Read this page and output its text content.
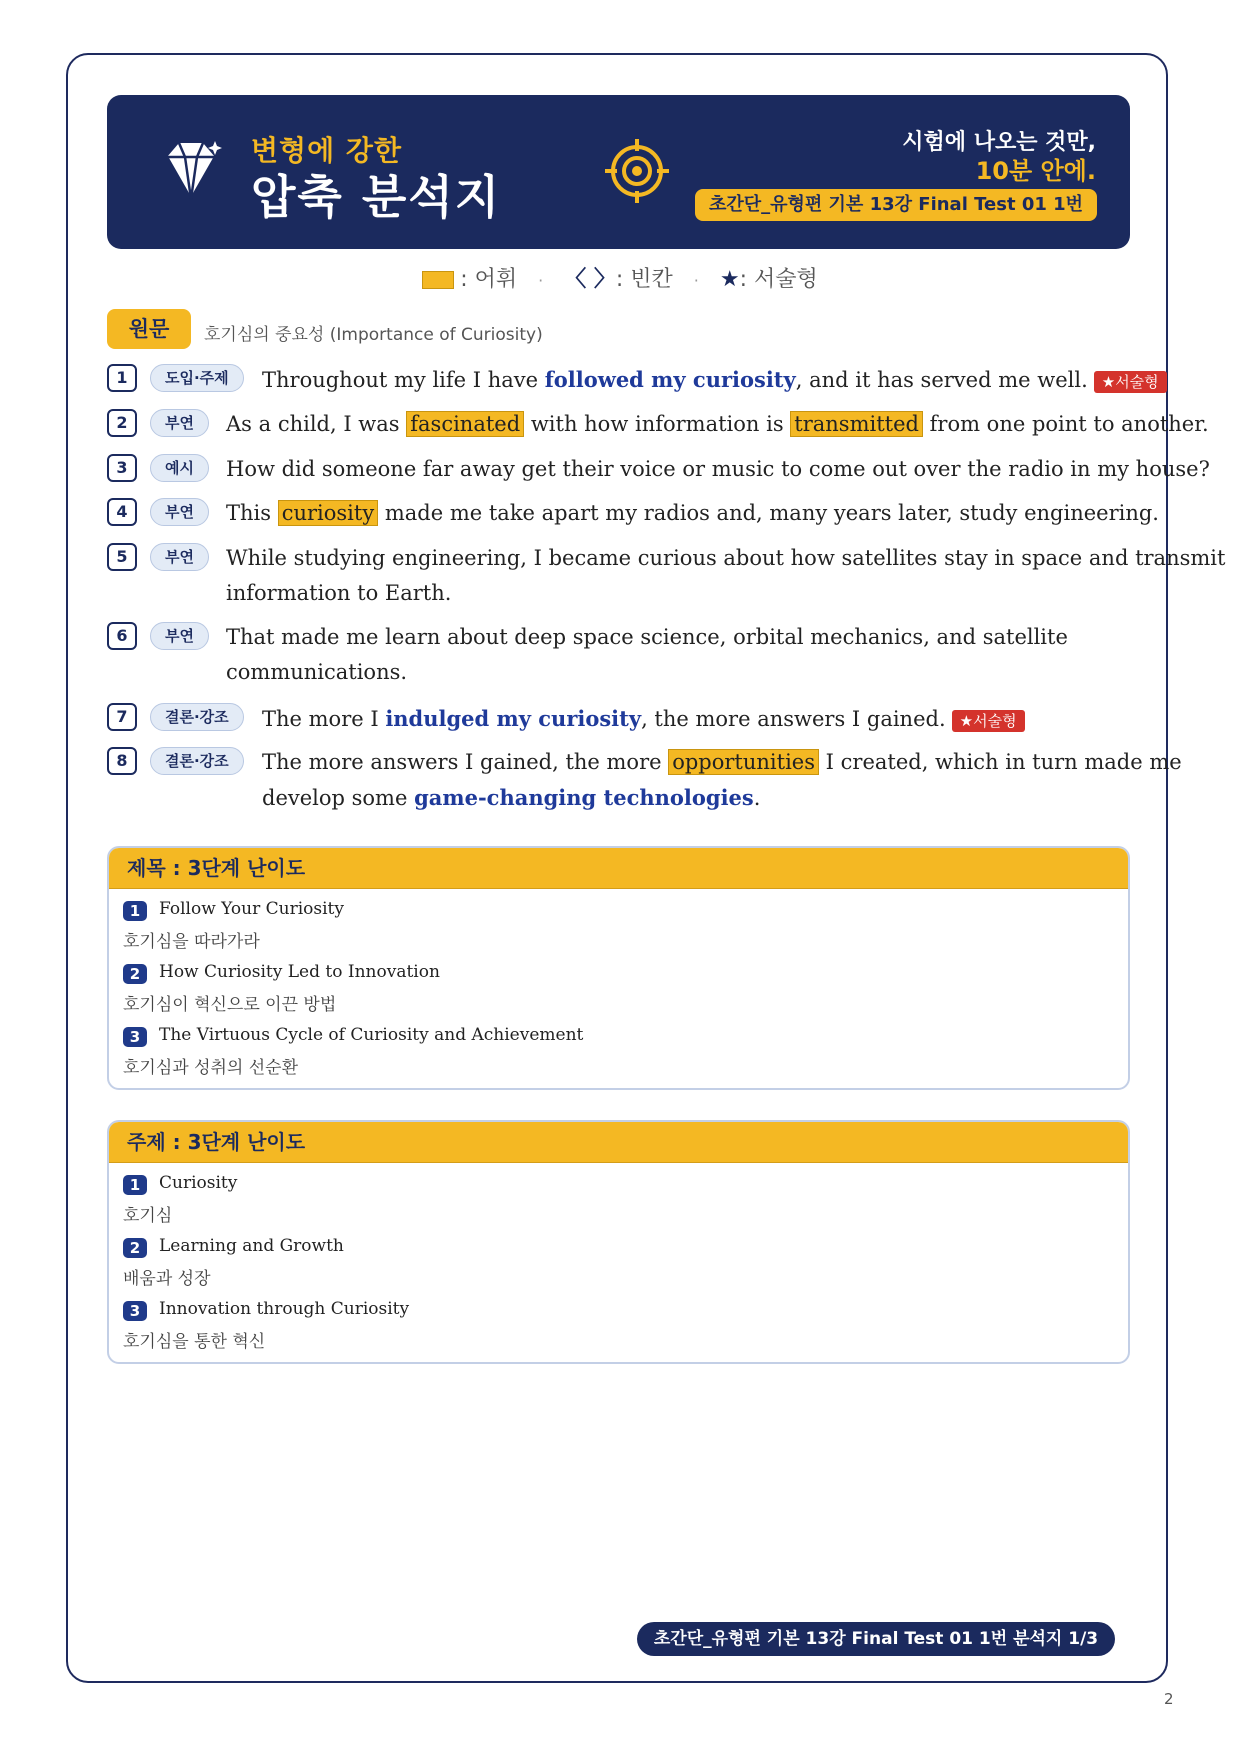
변형에 강한
압축 분석지
시험에 나오는 것만,
10분 안에.
초간단_유형편 기본 13강 Final Test 01 1번
: 어휘 · 〈 〉: 빈칸 · ★: 서술형
원문	호기심의 중요성 (Importance of Curiosity)
1	도입·주제	Throughout my life I have followed my curiosity, and it has served me well. ★서술형
2	부연	As a child, I was fascinated with how information is transmitted from one point to another.
3	예시	How did someone far away get their voice or music to come out over the radio in my house?
4	부연	This curiosity made me take apart my radios and, many years later, study engineering.
5	부연	While studying engineering, I became curious about how satellites stay in space and transmit
information to Earth.
6	부연	That made me learn about deep space science, orbital mechanics, and satellite
communications.
7	결론·강조	The more I indulged my curiosity, the more answers I gained. ★서술형
8	결론·강조	The more answers I gained, the more opportunities I created, which in turn made me
develop some game-changing technologies.
제목 : 3단계 난이도
1	Follow Your Curiosity
호기심을 따라가라
2	How Curiosity Led to Innovation
호기심이 혁신으로 이끈 방법
3	The Virtuous Cycle of Curiosity and Achievement
호기심과 성취의 선순환
주제 : 3단계 난이도
1	Curiosity
호기심
2	Learning and Growth
배움과 성장
3	Innovation through Curiosity
호기심을 통한 혁신
초간단_유형편 기본 13강 Final Test 01 1번 분석지 1/3
2
